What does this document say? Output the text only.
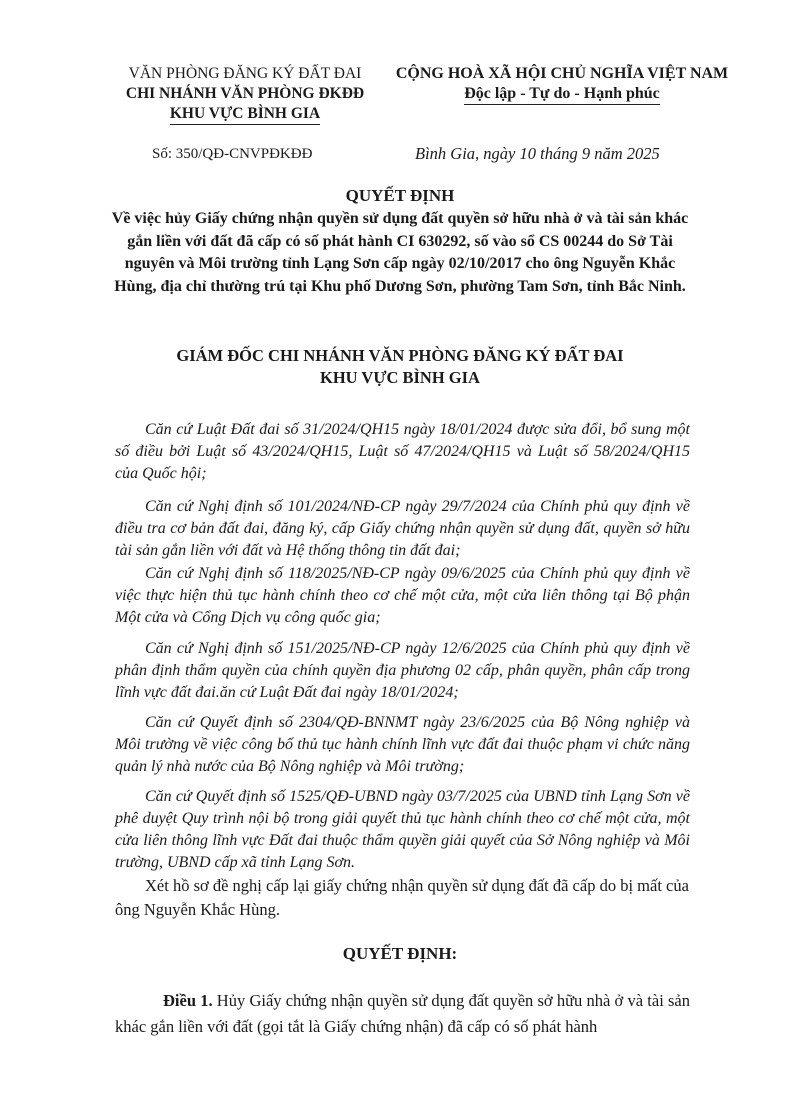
VĂN PHÒNG ĐĂNG KÝ ĐẤT ĐAI
CHI NHÁNH VĂN PHÒNG ĐKĐĐ
KHU VỰC BÌNH GIA
CỘNG HOÀ XÃ HỘI CHỦ NGHĨA VIỆT NAM
Độc lập - Tự do - Hạnh phúc
Số: 350/QĐ-CNVPĐKĐĐ	Bình Gia, ngày 10 tháng 9 năm 2025
QUYẾT ĐỊNH
Về việc hủy Giấy chứng nhận quyền sử dụng đất quyền sở hữu nhà ở và tài sản khác gắn liền với đất đã cấp có số phát hành CI 630292, số vào sổ CS 00244 do Sở Tài nguyên và Môi trường tỉnh Lạng Sơn cấp ngày 02/10/2017 cho ông Nguyễn Khắc Hùng, địa chỉ thường trú tại Khu phố Dương Sơn, phường Tam Sơn, tỉnh Bắc Ninh.
GIÁM ĐỐC CHI NHÁNH VĂN PHÒNG ĐĂNG KÝ ĐẤT ĐAI
KHU VỰC BÌNH GIA
Căn cứ Luật Đất đai số 31/2024/QH15 ngày 18/01/2024 được sửa đổi, bổ sung một số điều bởi Luật số 43/2024/QH15, Luật số 47/2024/QH15 và Luật số 58/2024/QH15 của Quốc hội;
Căn cứ Nghị định số 101/2024/NĐ-CP ngày 29/7/2024 của Chính phủ quy định về điều tra cơ bản đất đai, đăng ký, cấp Giấy chứng nhận quyền sử dụng đất, quyền sở hữu tài sản gắn liền với đất và Hệ thống thông tin đất đai;
Căn cứ Nghị định số 118/2025/NĐ-CP ngày 09/6/2025 của Chính phủ quy định về việc thực hiện thủ tục hành chính theo cơ chế một cửa, một cửa liên thông tại Bộ phận Một cửa và Cổng Dịch vụ công quốc gia;
Căn cứ Nghị định số 151/2025/NĐ-CP ngày 12/6/2025 của Chính phủ quy định về phân định thẩm quyền của chính quyền địa phương 02 cấp, phân quyền, phân cấp trong lĩnh vực đất đai.ăn cứ Luật Đất đai ngày 18/01/2024;
Căn cứ Quyết định số 2304/QĐ-BNNMT ngày 23/6/2025 của Bộ Nông nghiệp và Môi trường về việc công bố thủ tục hành chính lĩnh vực đất đai thuộc phạm vi chức năng quản lý nhà nước của Bộ Nông nghiệp và Môi trường;
Căn cứ Quyết định số 1525/QĐ-UBND ngày 03/7/2025 của UBND tỉnh Lạng Sơn về phê duyệt Quy trình nội bộ trong giải quyết thủ tục hành chính theo cơ chế một cửa, một cửa liên thông lĩnh vực Đất đai thuộc thẩm quyền giải quyết của Sở Nông nghiệp và Môi trường, UBND cấp xã tỉnh Lạng Sơn.
Xét hồ sơ đề nghị cấp lại giấy chứng nhận quyền sử dụng đất đã cấp do bị mất của ông Nguyễn Khắc Hùng.
QUYẾT ĐỊNH:
Điều 1. Hủy Giấy chứng nhận quyền sử dụng đất quyền sở hữu nhà ở và tài sản khác gắn liền với đất (gọi tắt là Giấy chứng nhận) đã cấp có số phát hành
